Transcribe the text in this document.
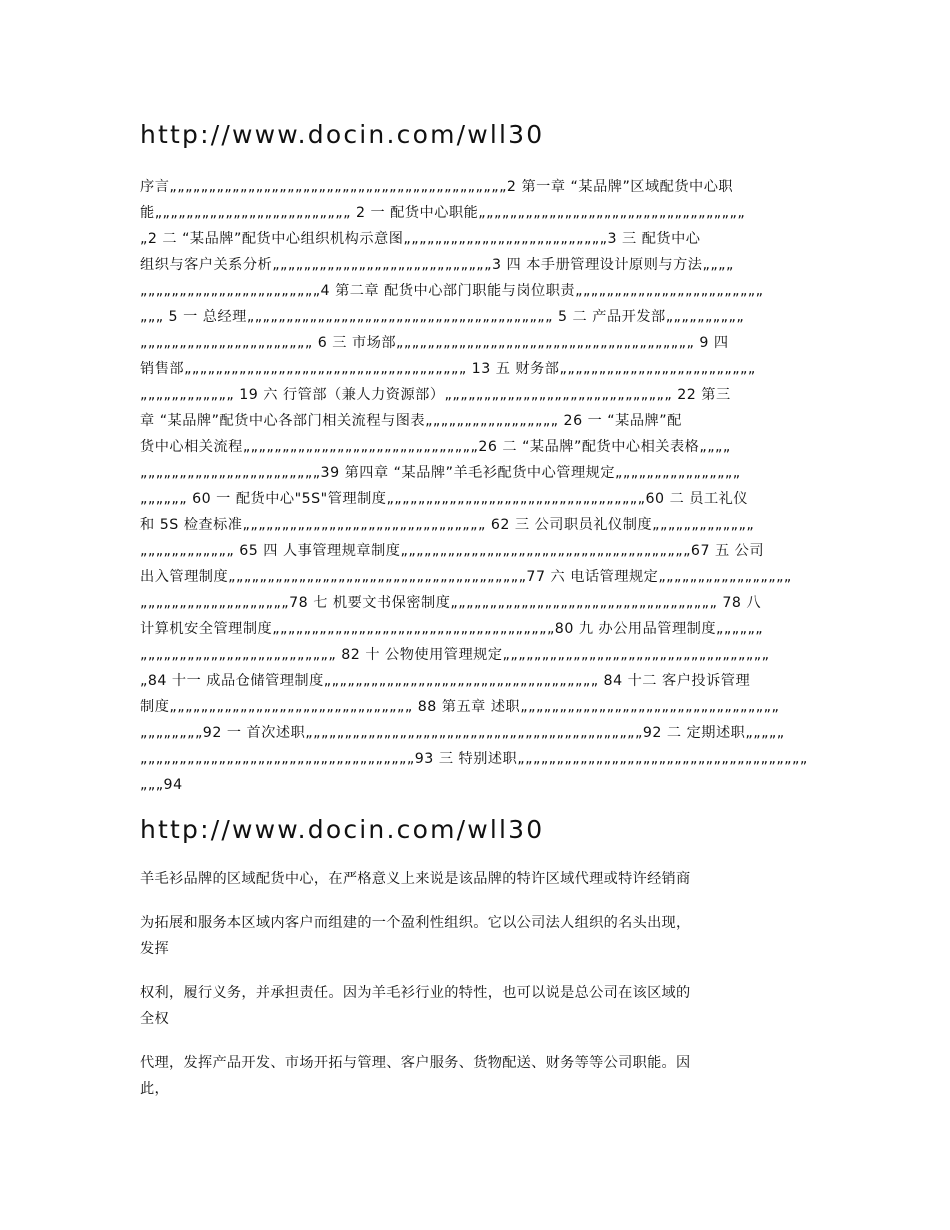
http://www.docin.com/wll30
序言„„„„„„„„„„„„„„„„„„„„„„„„„„„„„„„„„„„„„„„„„„„2 第一章 “某品牌”区域配货中心职
能„„„„„„„„„„„„„„„„„„„„„„„„„ 2 一 配货中心职能„„„„„„„„„„„„„„„„„„„„„„„„„„„„„„„„„„
„2 二 “某品牌”配货中心组织机构示意图„„„„„„„„„„„„„„„„„„„„„„„„„„3 三 配货中心
组织与客户关系分析„„„„„„„„„„„„„„„„„„„„„„„„„„„„3 四 本手册管理设计原则与方法„„„„
„„„„„„„„„„„„„„„„„„„„„„„4 第二章 配货中心部门职能与岗位职责„„„„„„„„„„„„„„„„„„„„„„„„
„„„ 5 一 总经理„„„„„„„„„„„„„„„„„„„„„„„„„„„„„„„„„„„„„„„ 5 二 产品开发部„„„„„„„„„„
„„„„„„„„„„„„„„„„„„„„„„ 6 三 市场部„„„„„„„„„„„„„„„„„„„„„„„„„„„„„„„„„„„„„„ 9 四
销售部„„„„„„„„„„„„„„„„„„„„„„„„„„„„„„„„„„„„ 13 五 财务部„„„„„„„„„„„„„„„„„„„„„„„„„
„„„„„„„„„„„„ 19 六 行管部（兼人力资源部）„„„„„„„„„„„„„„„„„„„„„„„„„„„„„ 22 第三
章 “某品牌”配货中心各部门相关流程与图表„„„„„„„„„„„„„„„„„ 26 一 “某品牌”配
货中心相关流程„„„„„„„„„„„„„„„„„„„„„„„„„„„„„„26 二 “某品牌”配货中心相关表格„„„„
„„„„„„„„„„„„„„„„„„„„„„„39 第四章 “某品牌”羊毛衫配货中心管理规定„„„„„„„„„„„„„„„„
„„„„„„ 60 一 配货中心"5S"管理制度„„„„„„„„„„„„„„„„„„„„„„„„„„„„„„„„„60 二 员工礼仪
和 5S 检查标准„„„„„„„„„„„„„„„„„„„„„„„„„„„„„„„ 62 三 公司职员礼仪制度„„„„„„„„„„„„„
„„„„„„„„„„„„ 65 四 人事管理规章制度„„„„„„„„„„„„„„„„„„„„„„„„„„„„„„„„„„„„„67 五 公司
出入管理制度„„„„„„„„„„„„„„„„„„„„„„„„„„„„„„„„„„„„„„77 六 电话管理规定„„„„„„„„„„„„„„„„„
„„„„„„„„„„„„„„„„„„„78 七 机要文书保密制度„„„„„„„„„„„„„„„„„„„„„„„„„„„„„„„„„„ 78 八
计算机安全管理制度„„„„„„„„„„„„„„„„„„„„„„„„„„„„„„„„„„„„80 九 办公用品管理制度„„„„„„
„„„„„„„„„„„„„„„„„„„„„„„„„ 82 十 公物使用管理规定„„„„„„„„„„„„„„„„„„„„„„„„„„„„„„„„„„
„84 十一 成品仓储管理制度„„„„„„„„„„„„„„„„„„„„„„„„„„„„„„„„„„„ 84 十二 客户投诉管理
制度„„„„„„„„„„„„„„„„„„„„„„„„„„„„„„„ 88 第五章 述职„„„„„„„„„„„„„„„„„„„„„„„„„„„„„„„„„
„„„„„„„„92 一 首次述职„„„„„„„„„„„„„„„„„„„„„„„„„„„„„„„„„„„„„„„„„„„92 二 定期述职„„„„„
„„„„„„„„„„„„„„„„„„„„„„„„„„„„„„„„„„„93 三 特别述职„„„„„„„„„„„„„„„„„„„„„„„„„„„„„„„„„„„„„
„„„94
http://www.docin.com/wll30
羊毛衫品牌的区域配货中心，在严格意义上来说是该品牌的特许区域代理或特许经销商
为拓展和服务本区域内客户而组建的一个盈利性组织。它以公司法人组织的名头出现，
发挥
权利，履行义务，并承担责任。因为羊毛衫行业的特性，也可以说是总公司在该区域的
全权
代理，发挥产品开发、市场开拓与管理、客户服务、货物配送、财务等等公司职能。因
此，
